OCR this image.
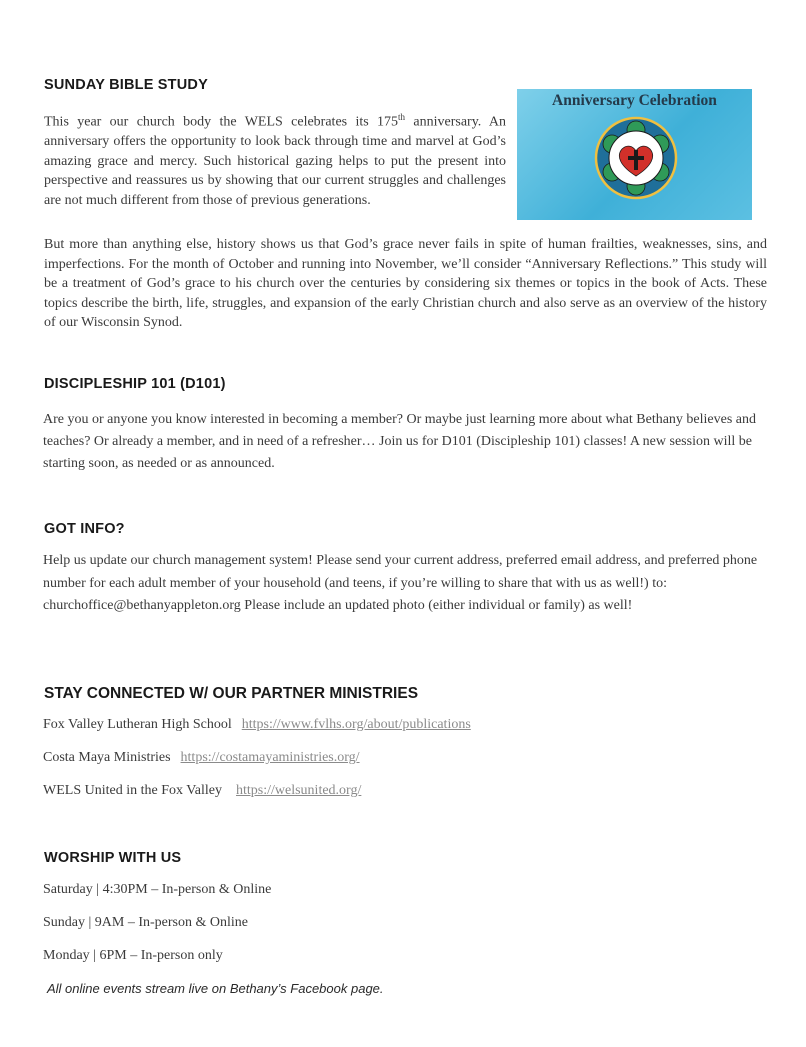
SUNDAY BIBLE STUDY

This year our church body the WELS celebrates its 175th anniversary. An anniversary offers the opportunity to look back through time and marvel at God’s amazing grace and mercy. Such historical gazing helps to put the present into perspective and reassures us by showing that our current struggles and challenges are not much different from those of previous generations.

Anniversary Celebration

But more than anything else, history shows us that God’s grace never fails in spite of human frailties, weaknesses, sins, and imperfections. For the month of October and running into November, we’ll consider “Anniversary Reflections.” This study will be a treatment of God’s grace to his church over the centuries by considering six themes or topics in the book of Acts. These topics describe the birth, life, struggles, and expansion of the early Christian church and also serve as an overview of the history of our Wisconsin Synod.

DISCIPLESHIP 101 (D101)

Are you or anyone you know interested in becoming a member? Or maybe just learning more about what Bethany believes and teaches? Or already a member, and in need of a refresher… Join us for D101 (Discipleship 101) classes! A new session will be starting soon, as needed or as announced.

GOT INFO?

Help us update our church management system! Please send your current address, preferred email address, and preferred phone number for each adult member of your household (and teens, if you’re willing to share that with us as well!) to: churchoffice@bethanyappleton.org Please include an updated photo (either individual or family) as well!

STAY CONNECTED W/ OUR PARTNER MINISTRIES
Fox Valley Lutheran High School https://www.fvlhs.org/about/publications
Costa Maya Ministries https://costamayaministries.org/
WELS United in the Fox Valley https://welsunited.org/
WORSHIP WITH US
Saturday | 4:30PM – In-person & Online
Sunday | 9AM – In-person & Online
Monday | 6PM – In-person only
All online events stream live on Bethany’s Facebook page.
